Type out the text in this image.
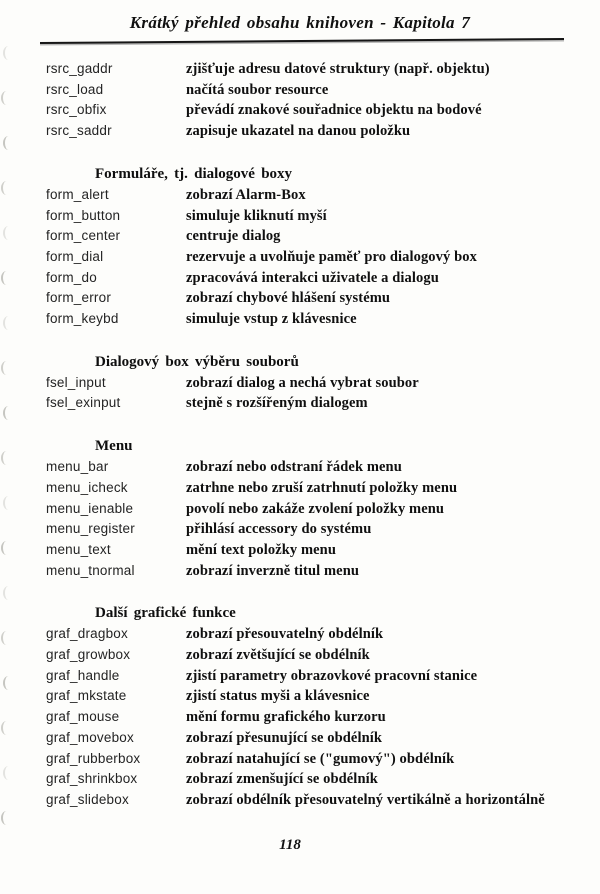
Krátký přehled obsahu knihoven - Kapitola 7
rsrc_gaddr	zjišťuje adresu datové struktury (např. objektu)
rsrc_load	načítá soubor resource
rsrc_obfix	převádí znakové souřadnice objektu na bodové
rsrc_saddr	zapisuje ukazatel na danou položku
Formuláře, tj. dialogové boxy
form_alert	zobrazí Alarm-Box
form_button	simuluje kliknutí myší
form_center	centruje dialog
form_dial	rezervuje a uvolňuje paměť pro dialogový box
form_do	zpracovává interakci uživatele a dialogu
form_error	zobrazí chybové hlášení systému
form_keybd	simuluje vstup z klávesnice
Dialogový box výběru souborů
fsel_input	zobrazí dialog a nechá vybrat soubor
fsel_exinput	stejně s rozšířeným dialogem
Menu
menu_bar	zobrazí nebo odstraní řádek menu
menu_icheck	zatrhne nebo zruší zatrhnutí položky menu
menu_ienable	povolí nebo zakáže zvolení položky menu
menu_register	přihlásí accessory do systému
menu_text	mění text položky menu
menu_tnormal	zobrazí inverzně titul menu
Další grafické funkce
graf_dragbox	zobrazí přesouvatelný obdélník
graf_growbox	zobrazí zvětšující se obdélník
graf_handle	zjistí parametry obrazovkové pracovní stanice
graf_mkstate	zjistí status myši a klávesnice
graf_mouse	mění formu grafického kurzoru
graf_movebox	zobrazí přesunující se obdélník
graf_rubberbox	zobrazí natahující se ("gumový") obdélník
graf_shrinkbox	zobrazí zmenšující se obdélník
graf_slidebox	zobrazí obdélník přesouvatelný vertikálně a horizontálně
118
